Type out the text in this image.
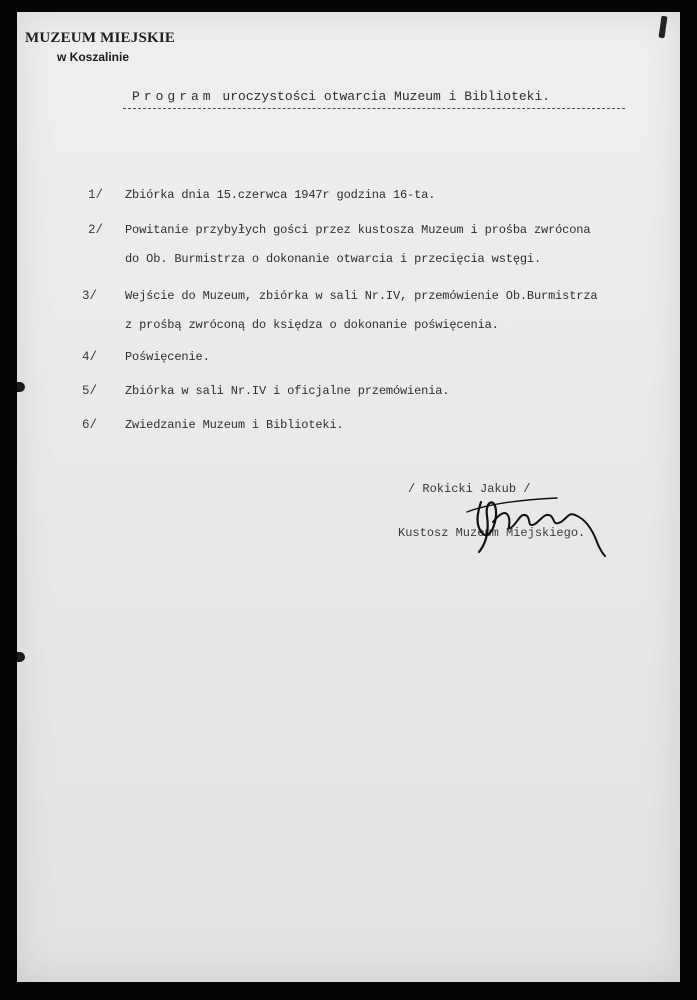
MUZEUM MIEJSKIE
w Koszalinie
Program uroczystości otwarcia Muzeum i Biblioteki.
1/ Zbiórka dnia 15.czerwca 1947r godzina 16-ta.
2/ Powitanie przybyłych gości przez kustosza Muzeum i prośba zwrócona
do Ob. Burmistrza o dokonanie otwarcia i przecięcia wstęgi.
3/ Wejście do Muzeum, zbiórka w sali Nr.IV, przemówienie Ob.Burmistrza
z prośbą zwróconą do księdza o dokonanie poświęcenia.
4/ Poświęcenie.
5/ Zbiórka w sali Nr.IV i oficjalne przemówienia.
6/ Zwiedzanie Muzeum i Biblioteki.
/ Rokicki Jakub /
Kustosz Muzeum Miejskiego.
